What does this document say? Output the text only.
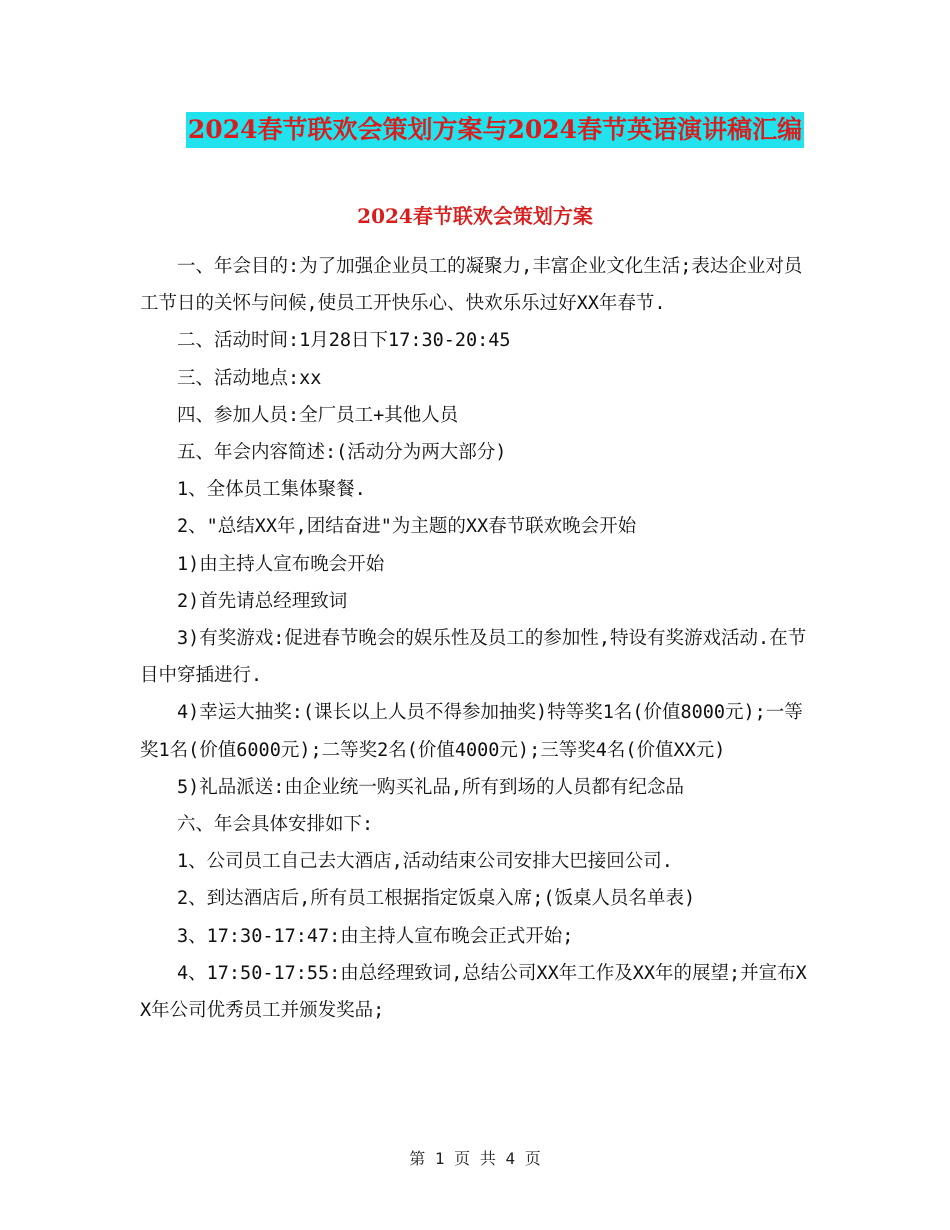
2024春节联欢会策划方案与2024春节英语演讲稿汇编
2024春节联欢会策划方案

一、年会目的:为了加强企业员工的凝聚力,丰富企业文化生活;表达企业对员工节日的关怀与问候,使员工开快乐心、快欢乐乐过好XX年春节.

二、活动时间:1月28日下17:30-20:45

三、活动地点:xx

四、参加人员:全厂员工+其他人员

五、年会内容简述:(活动分为两大部分)

1、全体员工集体聚餐.

2、"总结XX年,团结奋进"为主题的XX春节联欢晚会开始

1)由主持人宣布晚会开始

2)首先请总经理致词

3)有奖游戏:促进春节晚会的娱乐性及员工的参加性,特设有奖游戏活动.在节目中穿插进行.

4)幸运大抽奖:(课长以上人员不得参加抽奖)特等奖1名(价值8000元);一等奖1名(价值6000元);二等奖2名(价值4000元);三等奖4名(价值XX元)

5)礼品派送:由企业统一购买礼品,所有到场的人员都有纪念品

六、年会具体安排如下:

1、公司员工自己去大酒店,活动结束公司安排大巴接回公司.

2、到达酒店后,所有员工根据指定饭桌入席;(饭桌人员名单表)

3、17:30-17:47:由主持人宣布晚会正式开始;

4、17:50-17:55:由总经理致词,总结公司XX年工作及XX年的展望;并宣布XX年公司优秀员工并颁发奖品;

第 1 页 共 4 页
